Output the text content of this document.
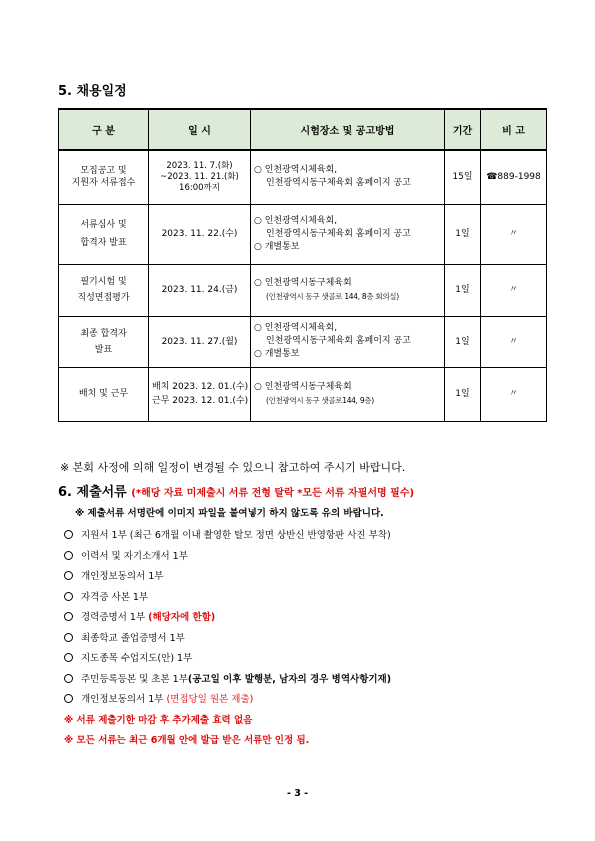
5. 채용일정
구 분	일 시	시험장소 및 공고방법	기간	비 고

모집공고 및
지원자 서류접수	2023. 11. 7.(화)
~2023. 11. 21.(화)
16:00까지	○ 인천광역시체육회,
인천광역시동구체육회 홈페이지 공고	15일	☎889-1998

서류심사 및
합격자 발표	2023. 11. 22.(수)	○ 인천광역시체육회,
인천광역시동구체육회 홈페이지 공고
○ 개별통보	1일	〃

필기시험 및
직성면접평가	2023. 11. 24.(금)	○ 인천광역시동구체육회
(인천광역시 동구 샛골로 144, 8층 회의실)	1일	〃

최종 합격자
발표	2023. 11. 27.(월)	○ 인천광역시체육회,
인천광역시동구체육회 홈페이지 공고
○ 개별통보	1일	〃
배치 및 근무	배치 2023. 12. 01.(수)
근무 2023. 12. 01.(수)	○ 인천광역시동구체육회
(인천광역시 동구 샛골로144, 9층)	1일	〃
※ 본회 사정에 의해 일정이 변경될 수 있으니 참고하여 주시기 바랍니다.
6. 제출서류 (*해당 자료 미제출시 서류 전형 탈락 *모든 서류 자필서명 필수)
※ 제출서류 서명란에 이미지 파일을 붙여넣기 하지 않도록 유의 바랍니다.
지원서 1부 (최근 6개월 이내 촬영한 탈모 정면 상반신 반영항판 사진 부착)
이력서 및 자기소개서 1부
개인정보동의서 1부
자격증 사본 1부
경력증명서 1부 (해당자에 한함)
최종학교 졸업증명서 1부
지도종목 수업지도(안) 1부
주민등록등본 및 초본 1부(공고일 이후 발행분, 남자의 경우 병역사항기재)
개인정보동의서 1부 (면접당일 원본 제출)
※ 서류 제출기한 마감 후 추가제출 효력 없음
※ 모든 서류는 최근 6개월 안에 발급 받은 서류만 인정 됨.
- 3 -
